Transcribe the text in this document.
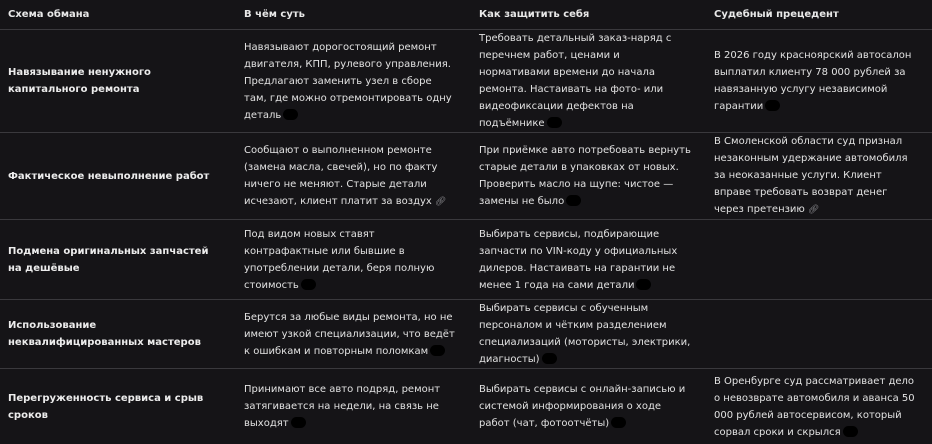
Схема обмана	В чём суть	Как защитить себя	Судебный прецедент
Навязывание ненужного капитального ремонта	Навязывают дорогостоящий ремонт двигателя, КПП, рулевого управления. Предлагают заменить узел в сборе там, где можно отремонтировать одну деталь	Требовать детальный заказ-наряд с перечнем работ, ценами и нормативами времени до начала ремонта. Настаивать на фото- или видеофиксации дефектов на подъёмнике	В 2026 году красноярский автосалон выплатил клиенту 78 000 рублей за навязанную услугу независимой гарантии
Фактическое невыполнение работ	Сообщают о выполненном ремонте (замена масла, свечей), но по факту ничего не меняют. Старые детали исчезают, клиент платит за воздух 🔗︎	При приёмке авто потребовать вернуть старые детали в упаковках от новых. Проверить масло на щупе: чистое — замены не было	В Смоленской области суд признал незаконным удержание автомобиля за неоказанные услуги. Клиент вправе требовать возврат денег через претензию 🔗︎
Подмена оригинальных запчастей на дешёвые	Под видом новых ставят контрафактные или бывшие в употреблении детали, беря полную стоимость	Выбирать сервисы, подбирающие запчасти по VIN-коду у официальных дилеров. Настаивать на гарантии не менее 1 года на сами детали	
Использование неквалифицированных мастеров	Берутся за любые виды ремонта, но не имеют узкой специализации, что ведёт к ошибкам и повторным поломкам	Выбирать сервисы с обученным персоналом и чётким разделением специализаций (мотористы, электрики, диагносты)	
Перегруженность сервиса и срыв сроков	Принимают все авто подряд, ремонт затягивается на недели, на связь не выходят	Выбирать сервисы с онлайн-записью и системой информирования о ходе работ (чат, фотоотчёты)	В Оренбурге суд рассматривает дело о невозврате автомобиля и аванса 50 000 рублей автосервисом, который сорвал сроки и скрылся
